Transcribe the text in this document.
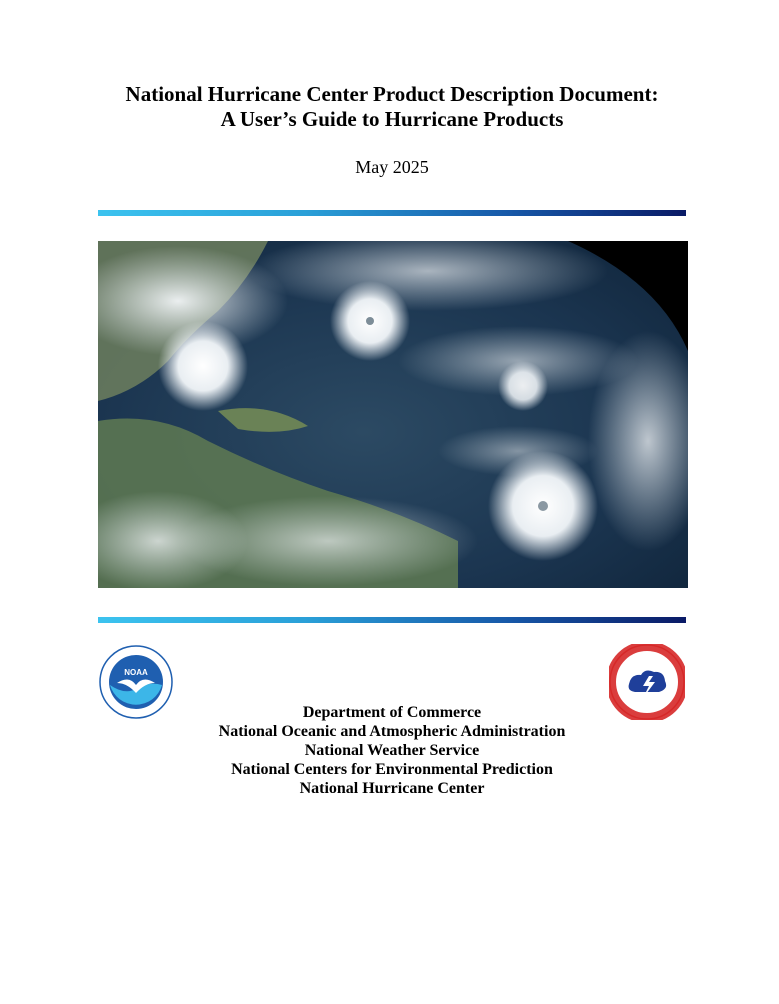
National Hurricane Center Product Description Document:
A User’s Guide to Hurricane Products

May 2025

NOAA
Department of Commerce
National Oceanic and Atmospheric Administration
National Weather Service
National Centers for Environmental Prediction
National Hurricane Center
